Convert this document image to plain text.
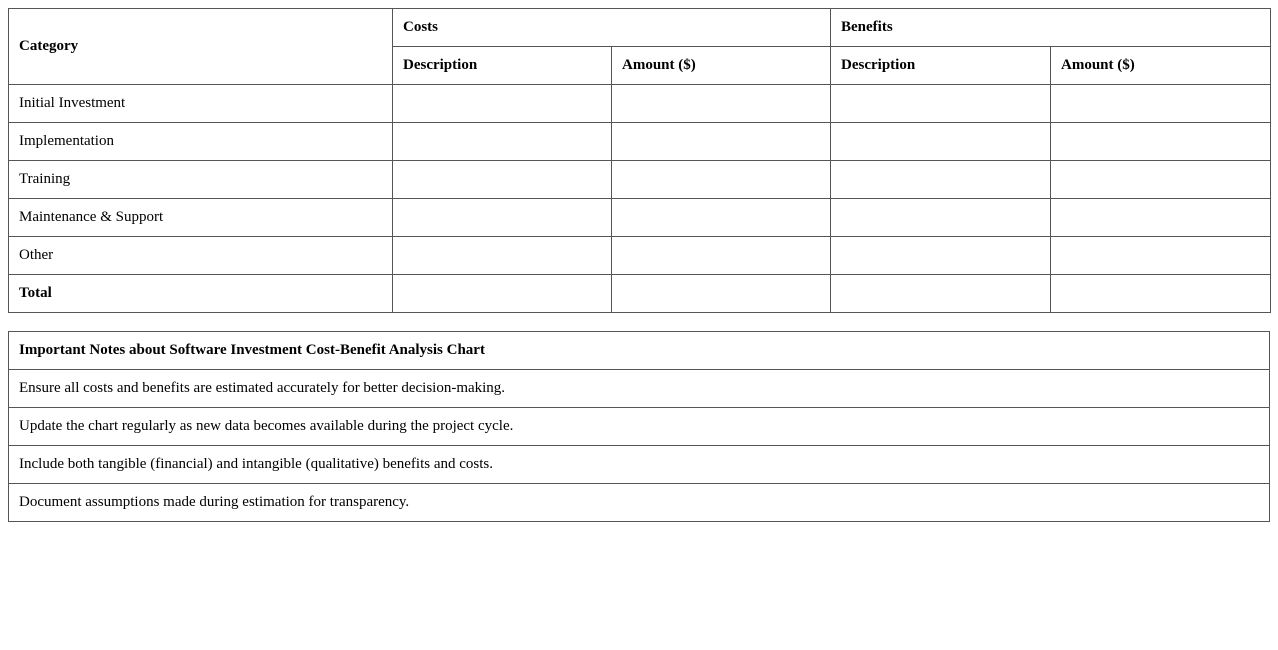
Category	Costs		Benefits	
	Description	Amount ($)	Description	Amount ($)
Initial Investment				
Implementation				
Training				
Maintenance & Support				
Other				
Total				
Important Notes about Software Investment Cost-Benefit Analysis Chart
Ensure all costs and benefits are estimated accurately for better decision-making.
Update the chart regularly as new data becomes available during the project cycle.
Include both tangible (financial) and intangible (qualitative) benefits and costs.
Document assumptions made during estimation for transparency.
